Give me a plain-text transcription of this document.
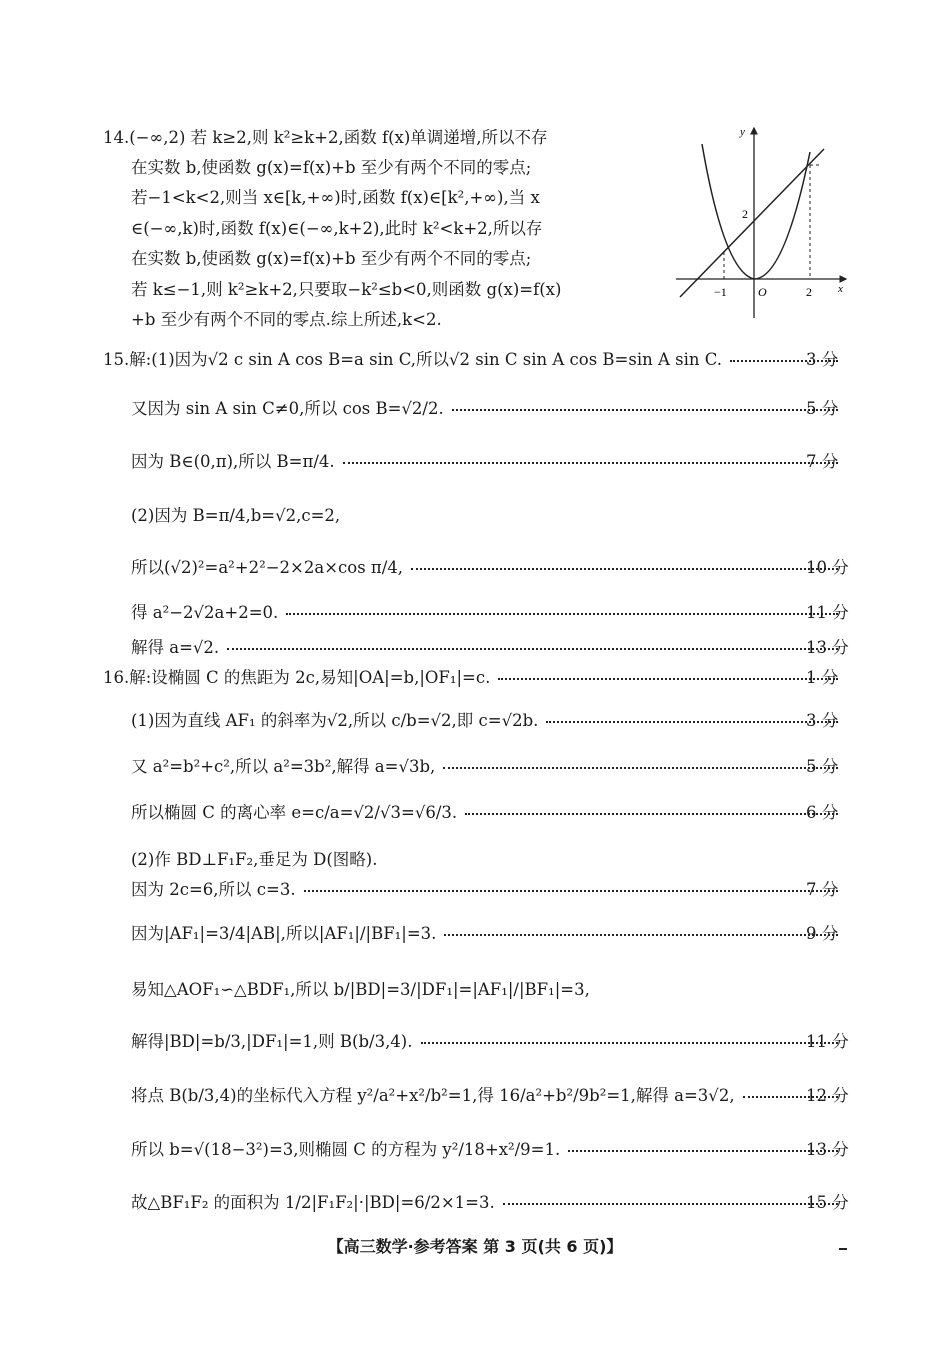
14.(−∞,2) 若 k≥2,则 k²≥k+2,函数 f(x)单调递增,所以不存
在实数 b,使函数 g(x)=f(x)+b 至少有两个不同的零点;
若−1<k<2,则当 x∈[k,+∞)时,函数 f(x)∈[k²,+∞),当 x
∈(−∞,k)时,函数 f(x)∈(−∞,k+2),此时 k²<k+2,所以存
在实数 b,使函数 g(x)=f(x)+b 至少有两个不同的零点;
若 k≤−1,则 k²≥k+2,只要取−k²≤b<0,则函数 g(x)=f(x)
+b 至少有两个不同的零点.综上所述,k<2.
y
x
O
−1	2
2
15.解:(1)因为√2 c sin A cos B=a sin C,所以√2 sin C sin A cos B=sin A sin C.	3 分
又因为 sin A sin C≠0,所以 cos B=√2/2.	5 分
因为 B∈(0,π),所以 B=π/4.	7 分
(2)因为 B=π/4,b=√2,c=2,
所以(√2)²=a²+2²−2×2a×cos π/4,	10 分
得 a²−2√2a+2=0.	11 分
解得 a=√2.	13 分
16.解:设椭圆 C 的焦距为 2c,易知|OA|=b,|OF₁|=c.	1 分
(1)因为直线 AF₁ 的斜率为√2,所以 c/b=√2,即 c=√2b.	3 分
又 a²=b²+c²,所以 a²=3b²,解得 a=√3b,	5 分
所以椭圆 C 的离心率 e=c/a=√2/√3=√6/3.	6 分
(2)作 BD⊥F₁F₂,垂足为 D(图略).
因为 2c=6,所以 c=3.	7 分
因为|AF₁|=3/4|AB|,所以|AF₁|/|BF₁|=3.	9 分
易知△AOF₁∽△BDF₁,所以 b/|BD|=3/|DF₁|=|AF₁|/|BF₁|=3,
解得|BD|=b/3,|DF₁|=1,则 B(b/3,4).	11 分
将点 B(b/3,4)的坐标代入方程 y²/a²+x²/b²=1,得 16/a²+b²/9b²=1,解得 a=3√2,	12 分
所以 b=√(18−3²)=3,则椭圆 C 的方程为 y²/18+x²/9=1.	13 分
故△BF₁F₂ 的面积为 1/2|F₁F₂|·|BD|=6/2×1=3.	15 分
【高三数学·参考答案 第 3 页(共 6 页)】
